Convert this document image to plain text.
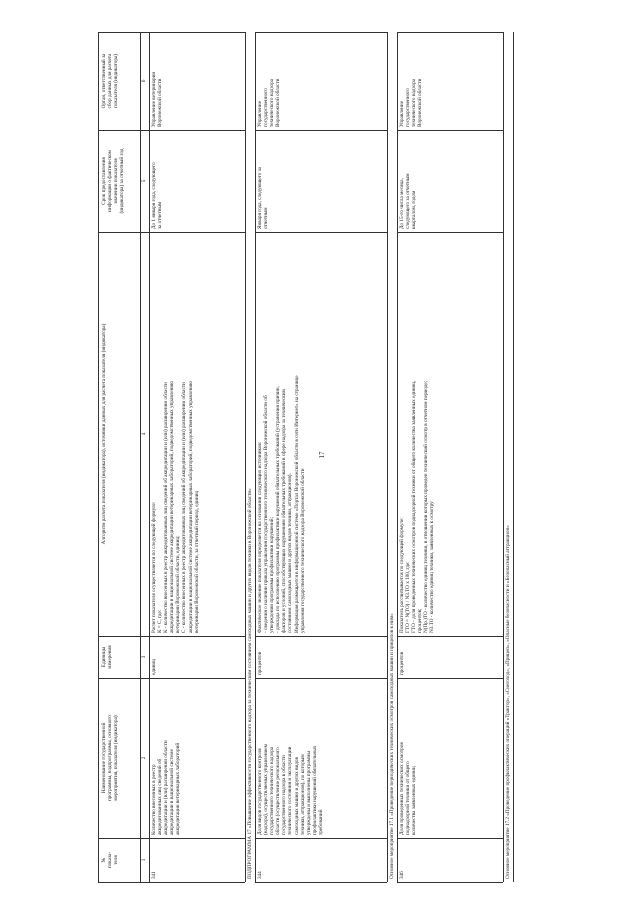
17
№
показа-
теля
Наименование государственной
программы, подпрограммы, основного
мероприятия, показателя (индикатора)
Единицы
измерения
Алгоритм расчета показателя (индикатора), источники данных для расчета показателя (индикатора)
Срок предоставления
информации о фактическом
значении показателя
(индикатора) за отчетный год
Орган, ответственный за
сбор данных для расчета
показателя (индикатора)
1
2
3
4
5
6
341
Количество внесенных в реестр
аккредитованных лиц сведений об
аккредитации и (или) расширении области
аккредитации в национальной системе
аккредитации ветеринарных лабораторий
единиц
Расчет показателя осуществляется по следующей формуле:
К = С, где:
К - количество внесенных в реестр аккредитованных лиц сведений об аккредитации и (или) расширении области
аккредитации в национальной системе аккредитации ветеринарных лабораторий, подведомственных управлению
ветеринарии Воронежской области, единиц;
С - количество внесенных в реестр аккредитованных лиц сведений об аккредитации и (или) расширении области
аккредитации в национальной системе аккредитации ветеринарных лабораторий, подведомственных управлению
ветеринарии Воронежской области, за отчетный период, единиц
До 1 января года, следующего
за отчетным
Управление ветеринарии
Воронежской области
344
Доля видов государственного контроля
(надзора), осуществляемых управлением
государственного технического надзора
области (осуществление регионального
государственного надзора в области
технического состояния и эксплуатации
самоходных машин и других видов
техники, аттракционов), по которым
утверждены и выполнены программы
профилактики нарушений обязательных
требований
процентов
Фактическое значение показателя определяется на основании следующих источников:
- сведения о наличии приказа управления государственного технического надзора Воронежской области об
утверждении программы профилактики нарушений;
- доклада по исполнению программы профилактики нарушений обязательных требований (устранения причин,
факторов и условий, способствующих нарушениям обязательных требований в сфере надзора за техническим
состоянием самоходных машин и других видов техники, аттракционов).
Информация размещается в информационной системе «Портал Воронежской области в сети Интернет» на странице
управления государственного технического надзора Воронежской области
Января года, следующего за
отчетным
Управление
государственного
технического надзора
Воронежской области
346
Доля проведенных технических осмотров
поднадзорной техники от общего
количества заявленных единиц
процентов
Показатель рассчитывается по следующей формуле:
ГТО = N(ТО) / N3.ТО x 100, где:
ГТО - доля проведенных технических осмотров поднадзорной техники от общего количества заявленных единиц,
процентов;
N(Пр.)ТО - количество единиц техники, в отношении которых проведен технический осмотр в отчетном периоде;
N3.ТО - количество единиц техники, заявленных к осмотру
До 15-го числа месяца,
следующего за отчетным
кварталом, годом
Управление
государственного
технического надзора
Воронежской области
ПОДПРОГРАММА 17 «Повышение эффективности государственного надзора за техническим состоянием самоходных машин и других видов техники в Воронежской области»	Основное мероприятие 17.1 «Проведение периодических технических осмотров самоходных машин и прицепов к ним»	Основное мероприятие 17.2 «Проведение профилактических операций «Трактор», «Снегоход», «Прицеп», «Опасные безопасности и «Безопасный аттракцион»
